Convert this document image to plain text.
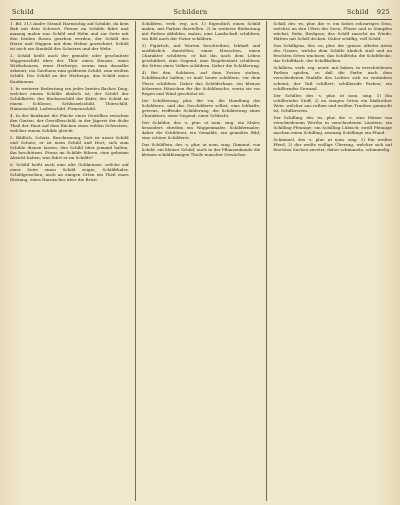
Schild	Schildern	Schild 925

1. Bd. 313 Andre Strauß Harnischig auf Schilde, da kein Bub mit dem Schwert. Ferner im Schilde führt und mannig malen was Schild und Helm und zur Seite mit den beiden Rosen gesehen werden; der Schild des Herrn und Wappen mit dem Helme gezeichnet. Schild ist auch ein Sinnbild des Schutzes und der Wehr.

2. Schild heißt auch der gemalte oder geschnitzte Wappenschild über der Thür eines Hauses, eines Wirthshauses, einer Herberge, woran man dasselbe erkennt; ein Gasthaus zum goldenen Schild, zum weißen Schild. Der Schild an der Herberge, das Schild eines Kaufmanns.

3. In weiterer Bedeutung ein jedes breites flaches Ding, welches einem Schilde ähnlich ist; der Schild der Schildkröte, der Rückenschild der Käfer, der Schild an einem Schlosse, Schlüsselschild, Thürschild, Namenschild, Ladenschild, Firmenschild.

4. In der Baukunst die Fläche eines Gewölbes zwischen den Gurten, der Gewölbeschild; in der Jägerei der dicke Theil der Haut auf dem Rücken eines wilden Schweines, welcher einem Schilde gleicht.

5. Bildlich, Schutz, Beschirmung; Gott ist unser Schild und Schutz; er ist mein Schild und Hort; sich zum Schilde dienen lassen; den Schild über jemand halten, ihn beschützen. Etwas im Schilde führen, eine geheime Absicht haben; was führt er im Schilde?

6. Schild heißt auch eine alte Goldmünze, welche auf einer Seite einen Schild zeigte, Schildthaler, Schildgroschen; auch an einigen Orten ein Theil eines Rüstung, eines Harnisches über die Brust.

Schildern, verb. reg. act. 1) Eigentlich einen Schild malen, mit Farben darstellen. 2) In weiterer Bedeutung mit Farben abbilden, malen; eine Landschaft schildern; ein Bild nach der Natur schildern.

3) Figürlich, mit Worten beschreiben, lebhaft und ausführlich darstellen; einen Menschen, einen Charakter schildern; er hat ihn nach dem Leben geschildert; eine Gegend, eine Begebenheit schildern; die Sitten eines Volkes schildern. Daher die Schilderung.

4) Bei den Soldaten, auf dem Posten stehen, Schildwache halten; er muß heute schildern; vor dem Thore schildern. Daher das Schilderhaus, ein kleines hölzernes Häuschen für die Schildwache, worin sie vor Regen und Wind geschützt ist.

Die Schilderung, plur. die -en, die Handlung des Schilderns, und das Geschilderte selbst; eine lebhafte, getreue, treffende Schilderung; die Schilderung eines Charakters, einer Gegend, einer Schlacht.

Der Schilder, des -s, plur. ut nom. sing. ein Maler, besonders ehedem ein Wappenmaler, Schildermaler; daher die Schilderei, ein Gemälde, ein gemaltes Bild; eine schöne Schilderei.

Das Schildlein, des -s, plur. ut nom. sing. Diminut. von Schild, ein kleiner Schild; auch in der Pflanzenkunde die kleinen schildförmigen Theile mancher Gewächse.

Schilf, des -es, plur. die -e, ein hohes rohrartiges Gras, welches an den Ufern der Seen, Flüsse und in Sümpfen wächst; Rohr, Riedgras; das Schilf rauscht im Winde; Hütten mit Schilf decken. Daher schilfig, voll Schilf.

Das Schilfgras, des -es, plur. die -gräser, allerlei Arten des Grases, welche dem Schilfe ähnlich sind und an feuchten Orten wachsen; das Schilfrohr, die Schilfdecke, das Schilfdach, der Schilfkolben.

Schillern, verb. reg. neutr. mit haben, in verschiedenen Farben spielen, so daß die Farbe nach dem verschiedenen Einfalle des Lichtes sich zu verändern scheint; der Taft schillert; schillernde Farben; ein schillerndes Gewand.

Der Schiller, des -s, plur. ut nom. sing. 1) Ein schillernder Stoff; 2) an einigen Orten ein blaßrother Wein, welcher aus rothen und weißen Trauben gemischt ist, Schillerwein.

Der Schilling, des -es, plur. die -e, eine Münze von verschiedenem Werthe in verschiedenen Ländern; ein Schilling Pfennige; ein Schilling Lübisch; zwölf Pfennige machen einen Schilling, zwanzig Schillinge ein Pfund.

Schimmel, des -s, plur. ut nom. sing. 1) Ein weißes Pferd; 2) der weiße wollige Überzug, welcher sich auf feuchten Sachen ansetzt; daher schimmeln, schimmelig.
